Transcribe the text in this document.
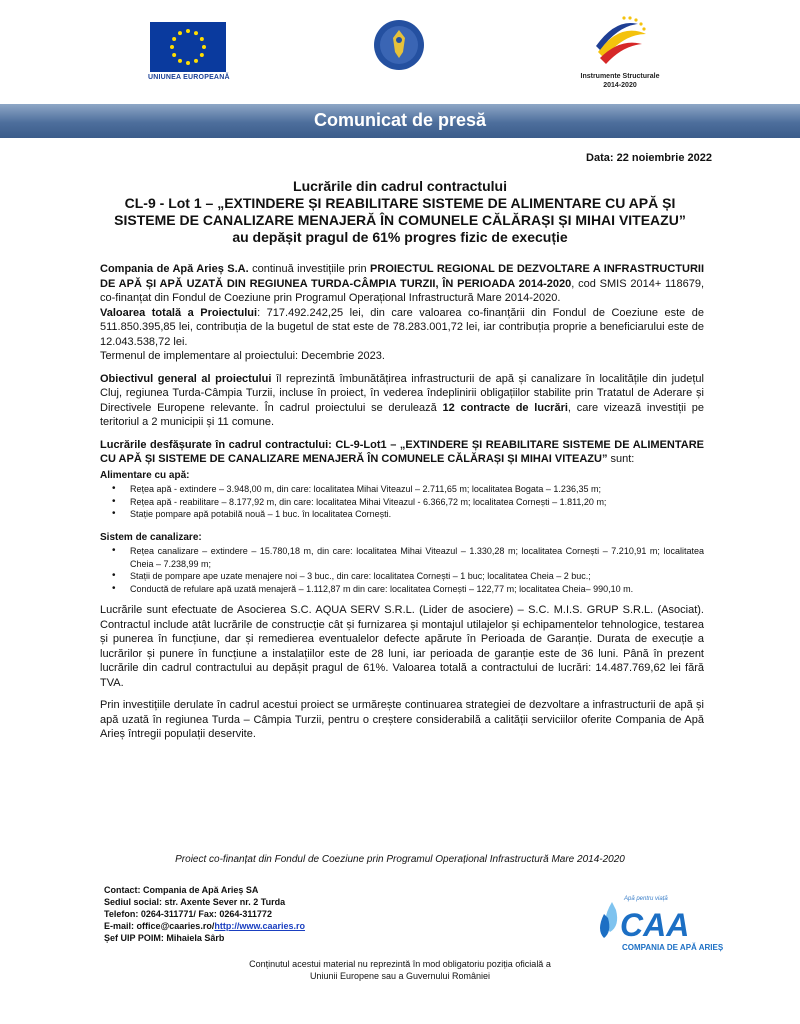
UNIUNEA EUROPEANĂ	Instrumente Structurale
2014-2020
Comunicat de presă
Data: 22 noiembrie 2022
Lucrările din cadrul contractului
CL-9 - Lot 1 – „EXTINDERE ȘI REABILITARE SISTEME DE ALIMENTARE CU APĂ ȘI
SISTEME DE CANALIZARE MENAJERĂ ÎN COMUNELE CĂLĂRAȘI ȘI MIHAI VITEAZU”
au depășit pragul de 61% progres fizic de execuție

Compania de Apă Arieș S.A. continuă investițiile prin PROIECTUL REGIONAL DE DEZVOLTARE A INFRASTRUCTURII DE APĂ ȘI APĂ UZATĂ DIN REGIUNEA TURDA-CÂMPIA TURZII, ÎN PERIOADA 2014-2020, cod SMIS 2014+ 118679, co-finanțat din Fondul de Coeziune prin Programul Operațional Infrastructură Mare 2014-2020.

Valoarea totală a Proiectului: 717.492.242,25 lei, din care valoarea co-finanțării din Fondul de Coeziune este de 511.850.395,85 lei, contribuția de la bugetul de stat este de 78.283.001,72 lei, iar contribuția proprie a beneficiarului este de 12.043.538,72 lei.

Termenul de implementare al proiectului: Decembrie 2023.

Obiectivul general al proiectului îl reprezintă îmbunătățirea infrastructurii de apă și canalizare în localitățile din județul Cluj, regiunea Turda-Câmpia Turzii, incluse în proiect, în vederea îndeplinirii obligațiilor stabilite prin Tratatul de Aderare și Directivele Europene relevante. În cadrul proiectului se derulează 12 contracte de lucrări, care vizează investiții pe teritoriul a 2 municipii și 11 comune.

Lucrările desfășurate în cadrul contractului: CL-9-Lot1 – „EXTINDERE ȘI REABILITARE SISTEME DE ALIMENTARE CU APĂ ȘI SISTEME DE CANALIZARE MENAJERĂ ÎN COMUNELE CĂLĂRAȘI ȘI MIHAI VITEAZU” sunt:

Alimentare cu apă:
• Rețea apă - extindere – 3.948,00 m, din care: localitatea Mihai Viteazul – 2.711,65 m; localitatea Bogata – 1.236,35 m;
• Rețea apă - reabilitare – 8.177,92 m, din care: localitatea Mihai Viteazul - 6.366,72 m; localitatea Cornești – 1.811,20 m;
• Stație pompare apă potabilă nouă – 1 buc. în localitatea Cornești.
Sistem de canalizare:
• Rețea canalizare – extindere – 15.780,18 m, din care: localitatea Mihai Viteazul – 1.330,28 m; localitatea Cornești – 7.210,91 m; localitatea Cheia – 7.238,99 m;
• Stații de pompare ape uzate menajere noi – 3 buc., din care: localitatea Cornești – 1 buc; localitatea Cheia – 2 buc.;
• Conductă de refulare apă uzată menajeră – 1.112,87 m din care: localitatea Cornești – 122,77 m; localitatea Cheia– 990,10 m.

Lucrările sunt efectuate de Asocierea S.C. AQUA SERV S.R.L. (Lider de asociere) – S.C. M.I.S. GRUP S.R.L. (Asociat). Contractul include atât lucrările de construcție cât și furnizarea și montajul utilajelor și echipamentelor tehnologice, testarea și punerea în funcțiune, dar și remedierea eventualelor defecte apărute în Perioada de Garanție. Durata de execuție a lucrărilor și punere în funcțiune a instalațiilor este de 28 luni, iar perioada de garanție este de 36 luni. Până în prezent lucrările din cadrul contractului au depășit pragul de 61%. Valoarea totală a contractului de lucrări: 14.487.769,62 lei fără TVA.

Prin investițiile derulate în cadrul acestui proiect se urmărește continuarea strategiei de dezvoltare a infrastructurii de apă și apă uzată în regiunea Turda – Câmpia Turzii, pentru o creștere considerabilă a calității serviciilor oferite Compania de Apă Arieș întregii populații deservite.

Proiect co-finanțat din Fondul de Coeziune prin Programul Operațional Infrastructură Mare 2014-2020
Contact: Compania de Apă Arieș SA
Sediul social: str. Axente Sever nr. 2 Turda
Telefon: 0264-311771/ Fax: 0264-311772
E-mail: office@caaries.ro/http://www.caaries.ro
Șef UIP POIM: Mihaiela Sârb
Apă pentru viață
CAA
COMPANIA DE APĂ ARIEȘ
Conținutul acestui material nu reprezintă în mod obligatoriu poziția oficială a
Uniunii Europene sau a Guvernului României
